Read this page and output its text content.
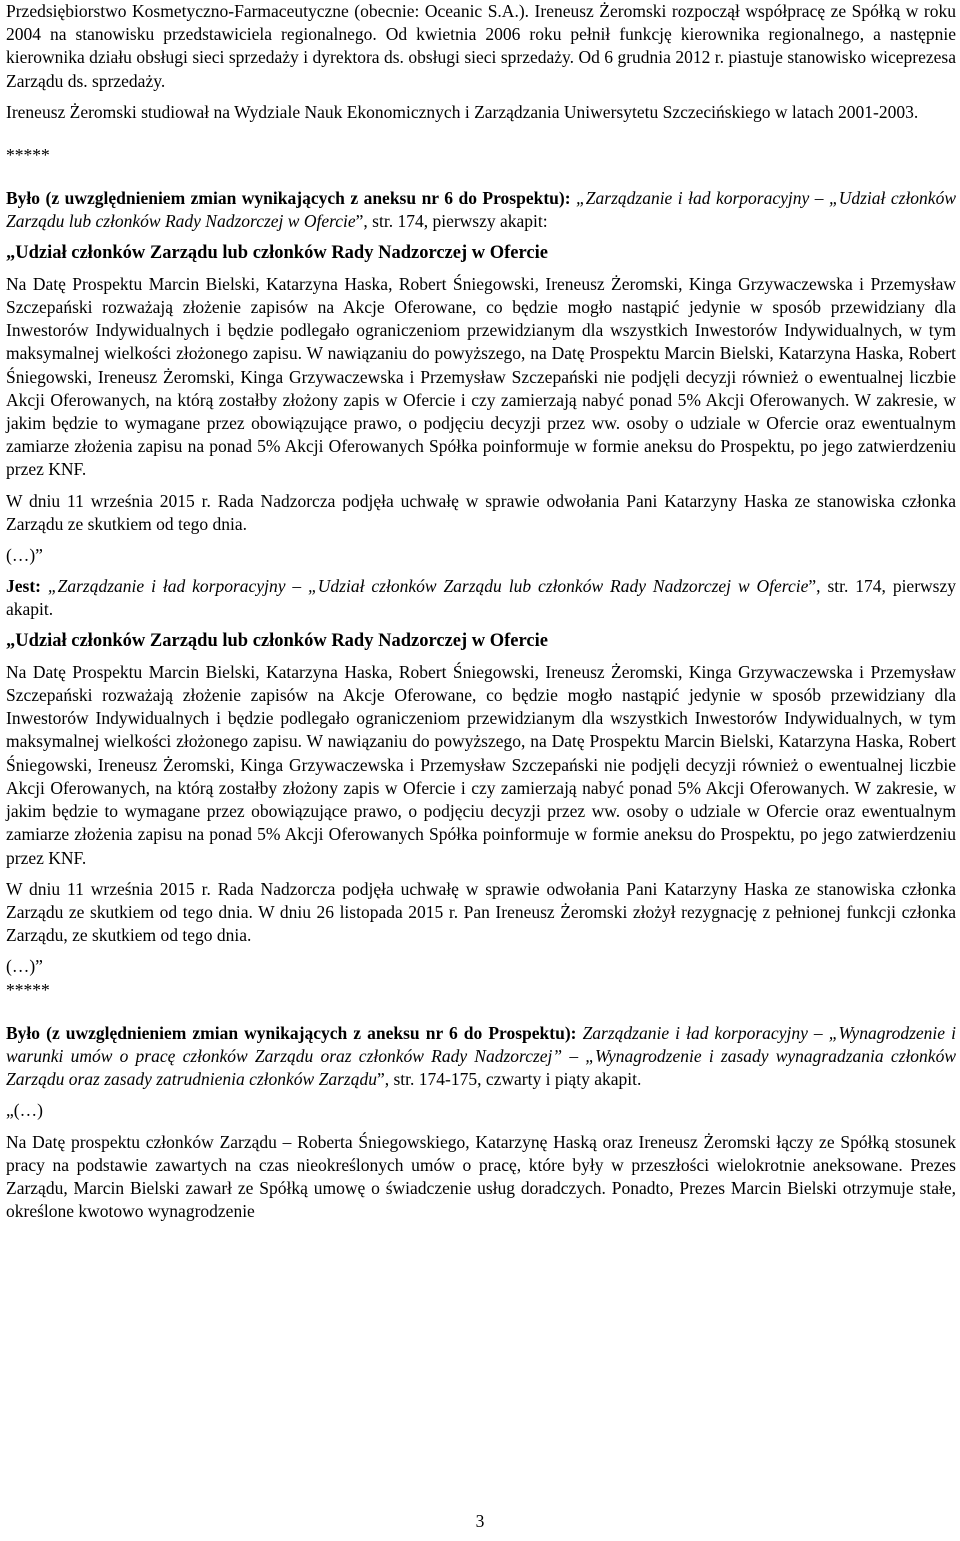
Przedsiębiorstwo Kosmetyczno-Farmaceutyczne (obecnie: Oceanic S.A.). Ireneusz Żeromski rozpoczął współpracę ze Spółką w roku 2004 na stanowisku przedstawiciela regionalnego. Od kwietnia 2006 roku pełnił funkcję kierownika regionalnego, a następnie kierownika działu obsługi sieci sprzedaży i dyrektora ds. obsługi sieci sprzedaży. Od 6 grudnia 2012 r. piastuje stanowisko wiceprezesa Zarządu ds. sprzedaży.

Ireneusz Żeromski studiował na Wydziale Nauk Ekonomicznych i Zarządzania Uniwersytetu Szczecińskiego w latach 2001-2003.

*****

Było (z uwzględnieniem zmian wynikających z aneksu nr 6 do Prospektu): „Zarządzanie i ład korporacyjny – „Udział członków Zarządu lub członków Rady Nadzorczej w Ofercie”, str. 174, pierwszy akapit:

„Udział członków Zarządu lub członków Rady Nadzorczej w Ofercie

Na Datę Prospektu Marcin Bielski, Katarzyna Haska, Robert Śniegowski, Ireneusz Żeromski, Kinga Grzywaczewska i Przemysław Szczepański rozważają złożenie zapisów na Akcje Oferowane, co będzie mogło nastąpić jedynie w sposób przewidziany dla Inwestorów Indywidualnych i będzie podlegało ograniczeniom przewidzianym dla wszystkich Inwestorów Indywidualnych, w tym maksymalnej wielkości złożonego zapisu. W nawiązaniu do powyższego, na Datę Prospektu Marcin Bielski, Katarzyna Haska, Robert Śniegowski, Ireneusz Żeromski, Kinga Grzywaczewska i Przemysław Szczepański nie podjęli decyzji również o ewentualnej liczbie Akcji Oferowanych, na którą zostałby złożony zapis w Ofercie i czy zamierzają nabyć ponad 5% Akcji Oferowanych. W zakresie, w jakim będzie to wymagane przez obowiązujące prawo, o podjęciu decyzji przez ww. osoby o udziale w Ofercie oraz ewentualnym zamiarze złożenia zapisu na ponad 5% Akcji Oferowanych Spółka poinformuje w formie aneksu do Prospektu, po jego zatwierdzeniu przez KNF.

W dniu 11 września 2015 r. Rada Nadzorcza podjęła uchwałę w sprawie odwołania Pani Katarzyny Haska ze stanowiska członka Zarządu ze skutkiem od tego dnia.

(…)”

Jest: „Zarządzanie i ład korporacyjny – „Udział członków Zarządu lub członków Rady Nadzorczej w Ofercie”, str. 174, pierwszy akapit.

„Udział członków Zarządu lub członków Rady Nadzorczej w Ofercie

Na Datę Prospektu Marcin Bielski, Katarzyna Haska, Robert Śniegowski, Ireneusz Żeromski, Kinga Grzywaczewska i Przemysław Szczepański rozważają złożenie zapisów na Akcje Oferowane, co będzie mogło nastąpić jedynie w sposób przewidziany dla Inwestorów Indywidualnych i będzie podlegało ograniczeniom przewidzianym dla wszystkich Inwestorów Indywidualnych, w tym maksymalnej wielkości złożonego zapisu. W nawiązaniu do powyższego, na Datę Prospektu Marcin Bielski, Katarzyna Haska, Robert Śniegowski, Ireneusz Żeromski, Kinga Grzywaczewska i Przemysław Szczepański nie podjęli decyzji również o ewentualnej liczbie Akcji Oferowanych, na którą zostałby złożony zapis w Ofercie i czy zamierzają nabyć ponad 5% Akcji Oferowanych. W zakresie, w jakim będzie to wymagane przez obowiązujące prawo, o podjęciu decyzji przez ww. osoby o udziale w Ofercie oraz ewentualnym zamiarze złożenia zapisu na ponad 5% Akcji Oferowanych Spółka poinformuje w formie aneksu do Prospektu, po jego zatwierdzeniu przez KNF.

W dniu 11 września 2015 r. Rada Nadzorcza podjęła uchwałę w sprawie odwołania Pani Katarzyny Haska ze stanowiska członka Zarządu ze skutkiem od tego dnia. W dniu 26 listopada 2015 r. Pan Ireneusz Żeromski złożył rezygnację z pełnionej funkcji członka Zarządu, ze skutkiem od tego dnia.

(…)”

*****

Było (z uwzględnieniem zmian wynikających z aneksu nr 6 do Prospektu): Zarządzanie i ład korporacyjny – „Wynagrodzenie i warunki umów o pracę członków Zarządu oraz członków Rady Nadzorczej” – „Wynagrodzenie i zasady wynagradzania członków Zarządu oraz zasady zatrudnienia członków Zarządu”, str. 174-175, czwarty i piąty akapit.

„(…)

Na Datę prospektu członków Zarządu – Roberta Śniegowskiego, Katarzynę Haską oraz Ireneusz Żeromski łączy ze Spółką stosunek pracy na podstawie zawartych na czas nieokreślonych umów o pracę, które były w przeszłości wielokrotnie aneksowane. Prezes Zarządu, Marcin Bielski zawarł ze Spółką umowę o świadczenie usług doradczych. Ponadto, Prezes Marcin Bielski otrzymuje stałe, określone kwotowo wynagrodzenie

3
